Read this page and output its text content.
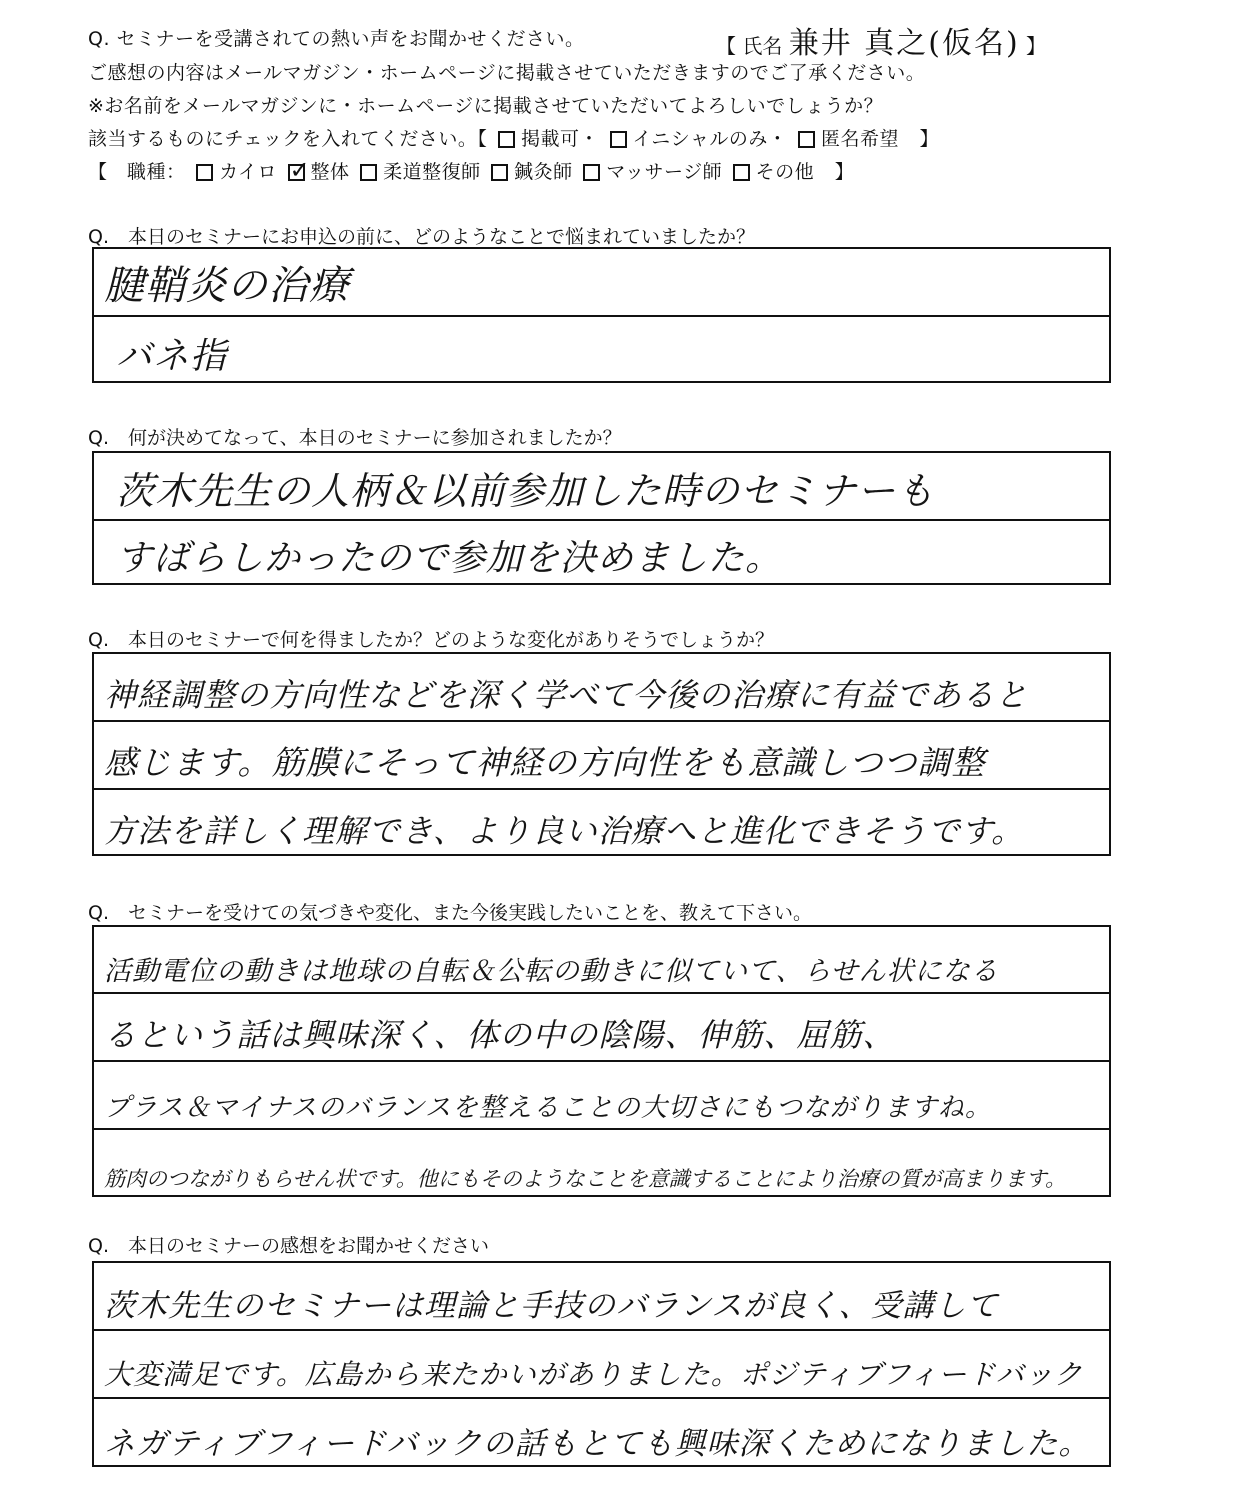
Q. セミナーを受講されての熱い声をお聞かせください。	【 氏名 兼井 真之(仮名) 】
ご感想の内容はメールマガジン・ホームページに掲載させていただきますのでご了承ください。
※お名前をメールマガジンに・ホームページに掲載させていただいてよろしいでしょうか？
該当するものにチェックを入れてください。【 掲載可・ イニシャルのみ・ 匿名希望 】
【　職種： カイロ ✓ 整体 柔道整復師 鍼灸師 マッサージ師 その他 】
Q.　本日のセミナーにお申込の前に、どのようなことで悩まれていましたか？
腱鞘炎の治療
バネ指
Q.　何が決めてなって、本日のセミナーに参加されましたか？
茨木先生の人柄＆以前参加した時のセミナーも
すばらしかったので参加を決めました。
Q.　本日のセミナーで何を得ましたか？どのような変化がありそうでしょうか？
神経調整の方向性などを深く学べて今後の治療に有益であると
感じます。筋膜にそって神経の方向性をも意識しつつ調整
方法を詳しく理解でき、より良い治療へと進化できそうです。
Q.　セミナーを受けての気づきや変化、また今後実践したいことを、教えて下さい。
活動電位の動きは地球の自転＆公転の動きに似ていて、らせん状になる
るという話は興味深く、体の中の陰陽、伸筋、屈筋、
プラス＆マイナスのバランスを整えることの大切さにもつながりますね。
筋肉のつながりもらせん状です。他にもそのようなことを意識することにより治療の質が高まります。
Q.　本日のセミナーの感想をお聞かせください
茨木先生のセミナーは理論と手技のバランスが良く、受講して
大変満足です。広島から来たかいがありました。ポジティブフィードバック
ネガティブフィードバックの話もとても興味深くためになりました。
